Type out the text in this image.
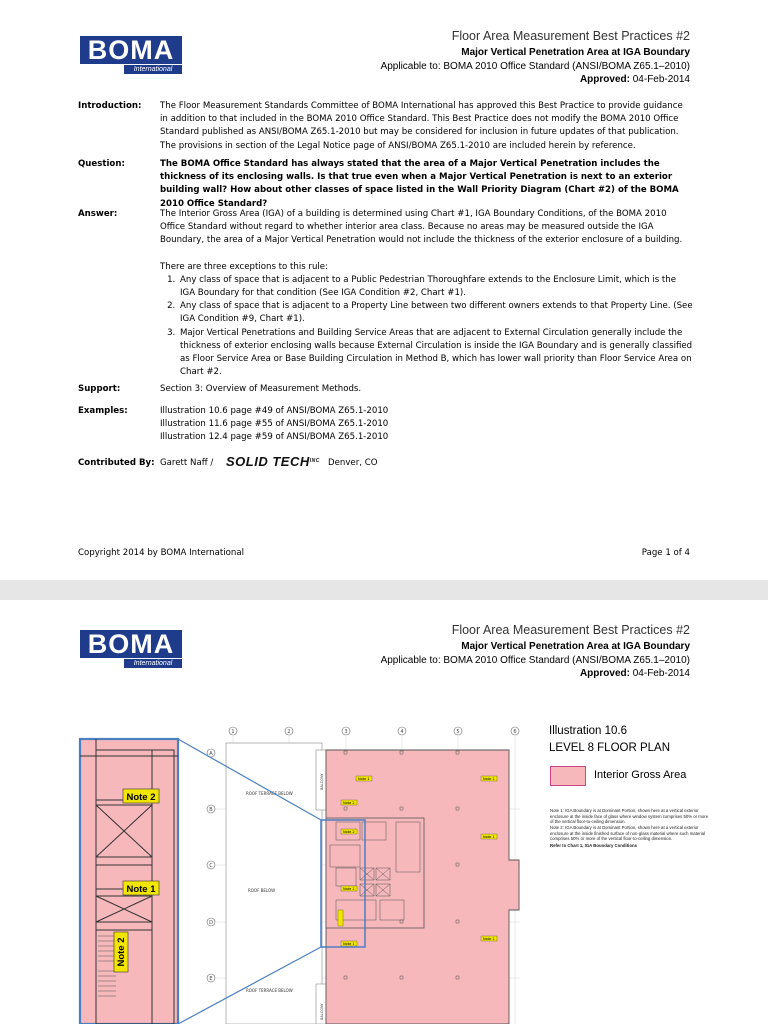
BOMA
International
Floor Area Measurement Best Practices #2
Major Vertical Penetration Area at IGA Boundary
Applicable to: BOMA 2010 Office Standard (ANSI/BOMA Z65.1–2010)
Approved: 04-Feb-2014
Introduction:	The Floor Measurement Standards Committee of BOMA International has approved this Best Practice to provide guidance in addition to that included in the BOMA 2010 Office Standard. This Best Practice does not modify the BOMA 2010 Office Standard published as ANSI/BOMA Z65.1-2010 but may be considered for inclusion in future updates of that publication. The provisions in section of the Legal Notice page of ANSI/BOMA Z65.1-2010 are included herein by reference.
Question:	The BOMA Office Standard has always stated that the area of a Major Vertical Penetration includes the thickness of its enclosing walls. Is that true even when a Major Vertical Penetration is next to an exterior building wall? How about other classes of space listed in the Wall Priority Diagram (Chart #2) of the BOMA 2010 Office Standard?
Answer:	The Interior Gross Area (IGA) of a building is determined using Chart #1, IGA Boundary Conditions, of the BOMA 2010 Office Standard without regard to whether interior area class. Because no areas may be measured outside the IGA Boundary, the area of a Major Vertical Penetration would not include the thickness of the exterior enclosure of a building.
There are three exceptions to this rule:
1. Any class of space that is adjacent to a Public Pedestrian Thoroughfare extends to the Enclosure Limit, which is the IGA Boundary for that condition (See IGA Condition #2, Chart #1).
2. Any class of space that is adjacent to a Property Line between two different owners extends to that Property Line. (See IGA Condition #9, Chart #1).
3. Major Vertical Penetrations and Building Service Areas that are adjacent to External Circulation generally include the thickness of exterior enclosing walls because External Circulation is inside the IGA Boundary and is generally classified as Floor Service Area or Base Building Circulation in Method B, which has lower wall priority than Floor Service Area on Chart #2.
Support:	Section 3: Overview of Measurement Methods.
Examples:	Illustration 10.6 page #49 of ANSI/BOMA Z65.1-2010
Illustration 11.6 page #55 of ANSI/BOMA Z65.1-2010
Illustration 12.4 page #59 of ANSI/BOMA Z65.1-2010
Contributed By: Garett Naff / SOLID $TECH^{INC}$ Denver, CO
Copyright 2014 by BOMA International	Page 1 of 4
BOMA
International
Floor Area Measurement Best Practices #2
Major Vertical Penetration Area at IGA Boundary
Applicable to: BOMA 2010 Office Standard (ANSI/BOMA Z65.1–2010)
Approved: 04-Feb-2014
Illustration 10.6
LEVEL 8 FLOOR PLAN
Interior Gross Area

Note 1: IGA Boundary is at Dominant Portion, shown here at a vertical exterior enclosure at the inside face of glass where window system comprises 50% or more of the vertical floor-to-ceiling dimension.

Note 2: IGA Boundary is at Dominant Portion, shown here at a vertical exterior enclosure at the inside finished surface of non-glass material where such material comprises 50% or more of the vertical floor-to-ceiling dimension.

Refer to Chart 1, IGA Boundary Conditions

1	2	3	4	5	6
A
B
C
D
E
ROOF TERRACE BELOW
ROOF BELOW
ROOF TERRACE BELOW
BALCONY
BALCONY
Note 1	Note 1
Note 2
Note 2
Note 1
Note 1
Note 1
Note 1
Note 2
Note 1
Note 2
